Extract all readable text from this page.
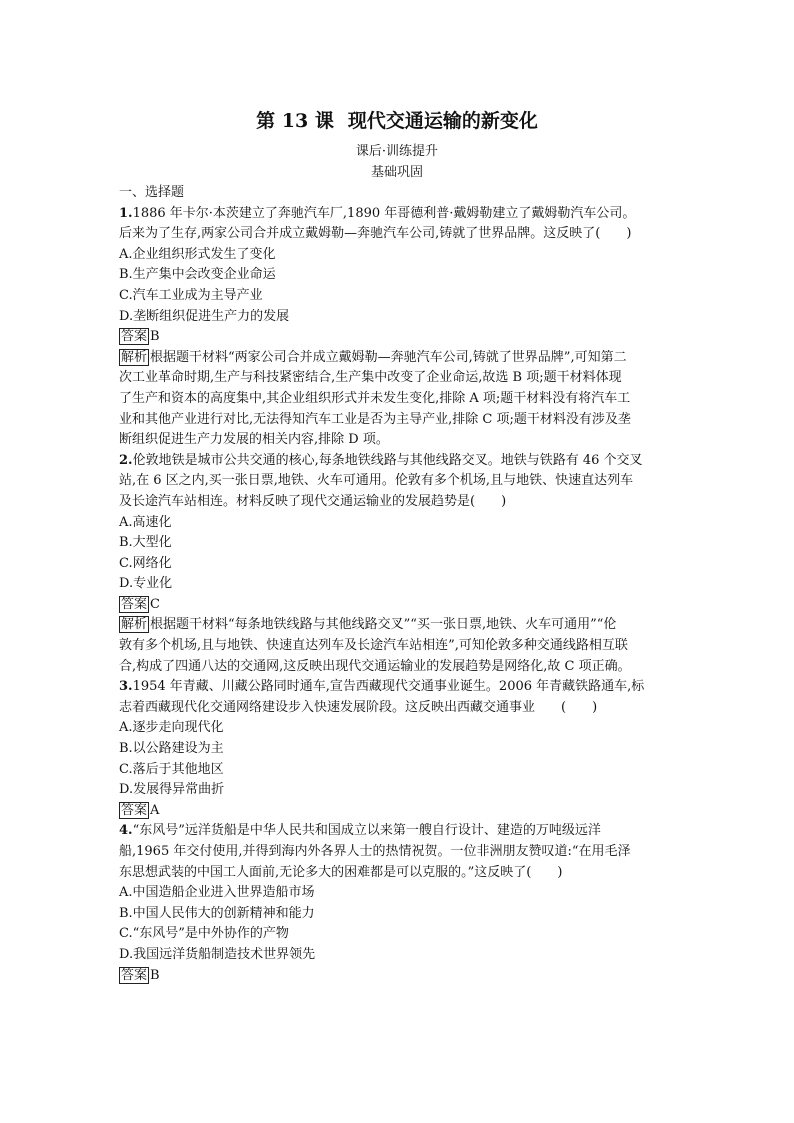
第 13 课 现代交通运输的新变化
课后·训练提升
基础巩固
一、选择题
1.1886 年卡尔·本茨建立了奔驰汽车厂,1890 年哥德利普·戴姆勒建立了戴姆勒汽车公司。
后来为了生存,两家公司合并成立戴姆勒—奔驰汽车公司,铸就了世界品牌。这反映了(　　)
A.企业组织形式发生了变化
B.生产集中会改变企业命运
C.汽车工业成为主导产业
D.垄断组织促进生产力的发展
答案 B
解析 根据题干材料“两家公司合并成立戴姆勒—奔驰汽车公司,铸就了世界品牌”,可知第二
次工业革命时期,生产与科技紧密结合,生产集中改变了企业命运,故选 B 项;题干材料体现
了生产和资本的高度集中,其企业组织形式并未发生变化,排除 A 项;题干材料没有将汽车工
业和其他产业进行对比,无法得知汽车工业是否为主导产业,排除 C 项;题干材料没有涉及垄
断组织促进生产力发展的相关内容,排除 D 项。
2.伦敦地铁是城市公共交通的核心,每条地铁线路与其他线路交叉。地铁与铁路有 46 个交叉
站,在 6 区之内,买一张日票,地铁、火车可通用。伦敦有多个机场,且与地铁、快速直达列车
及长途汽车站相连。材料反映了现代交通运输业的发展趋势是(　　)
A.高速化
B.大型化
C.网络化
D.专业化
答案 C
解析 根据题干材料“每条地铁线路与其他线路交叉”“买一张日票,地铁、火车可通用”“伦
敦有多个机场,且与地铁、快速直达列车及长途汽车站相连”,可知伦敦多种交通线路相互联
合,构成了四通八达的交通网,这反映出现代交通运输业的发展趋势是网络化,故 C 项正确。
3.1954 年青藏、川藏公路同时通车,宣告西藏现代交通事业诞生。2006 年青藏铁路通车,标
志着西藏现代化交通网络建设步入快速发展阶段。这反映出西藏交通事业　　(　　)
A.逐步走向现代化
B.以公路建设为主
C.落后于其他地区
D.发展得异常曲折
答案 A
4.“东风号”远洋货船是中华人民共和国成立以来第一艘自行设计、建造的万吨级远洋
船,1965 年交付使用,并得到海内外各界人士的热情祝贺。一位非洲朋友赞叹道:“在用毛泽
东思想武装的中国工人面前,无论多大的困难都是可以克服的。”这反映了(　　)
A.中国造船企业进入世界造船市场
B.中国人民伟大的创新精神和能力
C.“东风号”是中外协作的产物
D.我国远洋货船制造技术世界领先
答案 B
